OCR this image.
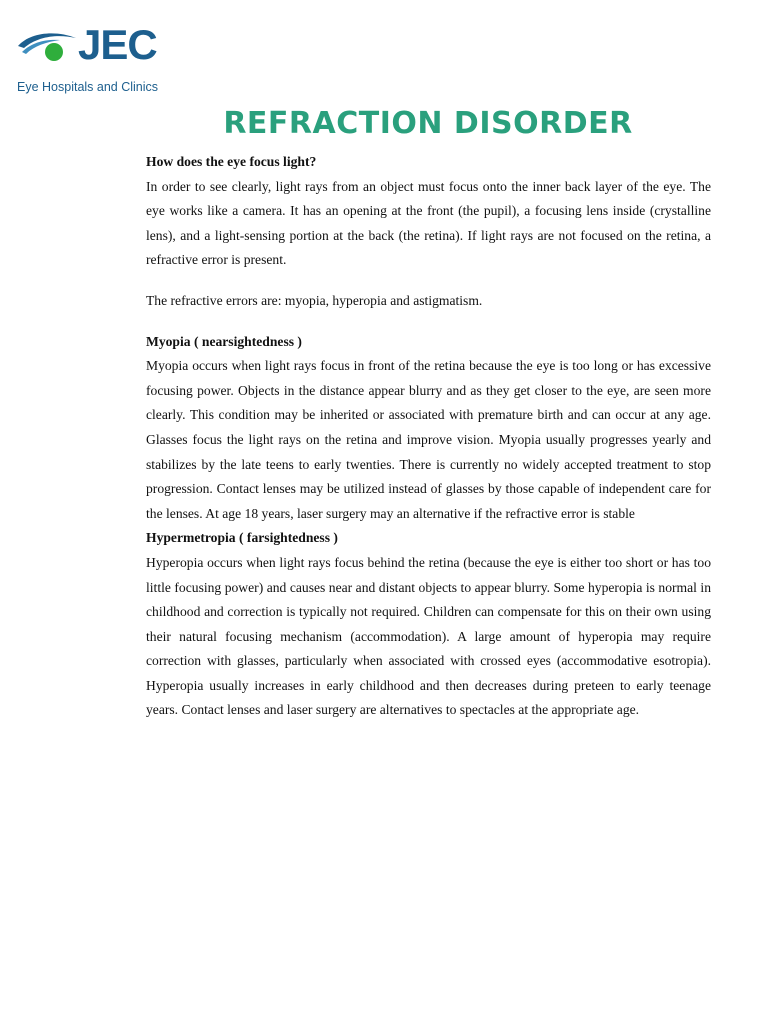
JEC
Eye Hospitals and Clinics
REFRACTION DISORDER
How does the eye focus light?

In order to see clearly, light rays from an object must focus onto the inner back layer of the eye. The eye works like a camera. It has an opening at the front (the pupil), a focusing lens inside (crystalline lens), and a light-sensing portion at the back (the retina). If light rays are not focused on the retina, a refractive error is present.

The refractive errors are: myopia, hyperopia and astigmatism.

Myopia ( nearsightedness )

Myopia occurs when light rays focus in front of the retina because the eye is too long or has excessive focusing power. Objects in the distance appear blurry and as they get closer to the eye, are seen more clearly. This condition may be inherited or associated with premature birth and can occur at any age. Glasses focus the light rays on the retina and improve vision. Myopia usually progresses yearly and stabilizes by the late teens to early twenties. There is currently no widely accepted treatment to stop progression. Contact lenses may be utilized instead of glasses by those capable of independent care for the lenses. At age 18 years, laser surgery may an alternative if the refractive error is stable

Hypermetropia ( farsightedness )

Hyperopia occurs when light rays focus behind the retina (because the eye is either too short or has too little focusing power) and causes near and distant objects to appear blurry. Some hyperopia is normal in childhood and correction is typically not required. Children can compensate for this on their own using their natural focusing mechanism (accommodation). A large amount of hyperopia may require correction with glasses, particularly when associated with crossed eyes (accommodative esotropia). Hyperopia usually increases in early childhood and then decreases during preteen to early teenage years. Contact lenses and laser surgery are alternatives to spectacles at the appropriate age.
